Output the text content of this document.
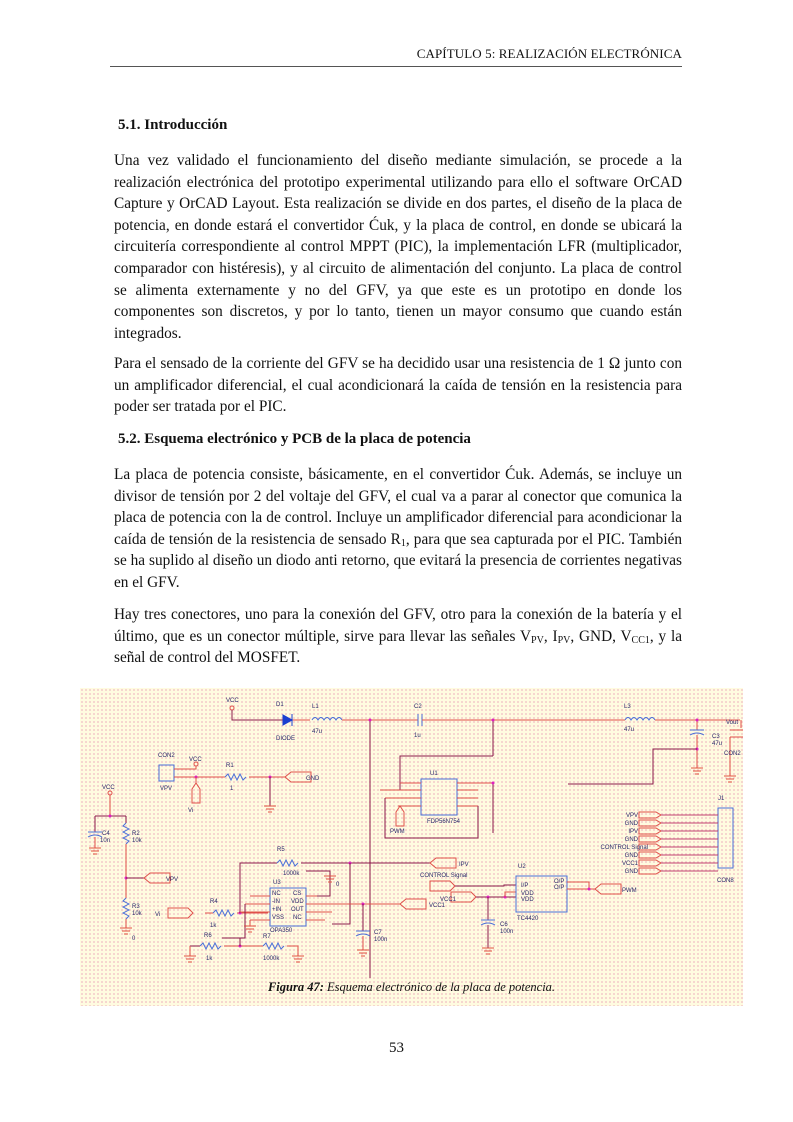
CAPÍTULO 5: REALIZACIÓN ELECTRÓNICA
5.1. Introducción

Una vez validado el funcionamiento del diseño mediante simulación, se procede a la realización electrónica del prototipo experimental utilizando para ello el software OrCAD Capture y OrCAD Layout. Esta realización se divide en dos partes, el diseño de la placa de potencia, en donde estará el convertidor Ćuk, y la placa de control, en donde se ubicará la circuitería correspondiente al control MPPT (PIC), la implementación LFR (multiplicador, comparador con histéresis), y al circuito de alimentación del conjunto. La placa de control se alimenta externamente y no del GFV, ya que este es un prototipo en donde los componentes son discretos, y por lo tanto, tienen un mayor consumo que cuando están integrados.

Para el sensado de la corriente del GFV se ha decidido usar una resistencia de 1 Ω junto con un amplificador diferencial, el cual acondicionará la caída de tensión en la resistencia para poder ser tratada por el PIC.

5.2. Esquema electrónico y PCB de la placa de potencia

La placa de potencia consiste, básicamente, en el convertidor Ćuk. Además, se incluye un divisor de tensión por 2 del voltaje del GFV, el cual va a parar al conector que comunica la placa de potencia con la de control. Incluye un amplificador diferencial para acondicionar la caída de tensión de la resistencia de sensado $R_1$, para que sea capturada por el PIC. También se ha suplido al diseño un diodo anti retorno, que evitará la presencia de corrientes negativas en el GFV.

Hay tres conectores, uno para la conexión del GFV, otro para la conexión de la batería y el último, que es un conector múltiple, sirve para llevar las señales $V_{PV}$, $I_{PV}$, GND, $V_{CC1}$, y la señal de control del MOSFET.

VCC
D1
DIODE
L1
47u
C2
1u
L3
47u
C3
47u
Vout
CON2
CON2
VPV
VCC
R1
1
GND
Vi
U1
FDP56N754
PWM
VCC
C4
10n
R2
10k
R3
10k
0
VPV
Vi
R4
1k
R5
1000k
0
U3
NC
-IN
+IN
VSS
CS
VDD
OUT
NC
OPA350
R6
1k
R7
1000k
IPV
VCC1
C7
100n
CONTROL Signal
VCC1
U2
I/P
VDD
VDD
O/P
O/P
TC4420
C6
100n
PWM
J1
CON8
VPV
GND
IPV
GND
CONTROL Signal
GND
VCC1
GND
Figura 47: Esquema electrónico de la placa de potencia.
53
